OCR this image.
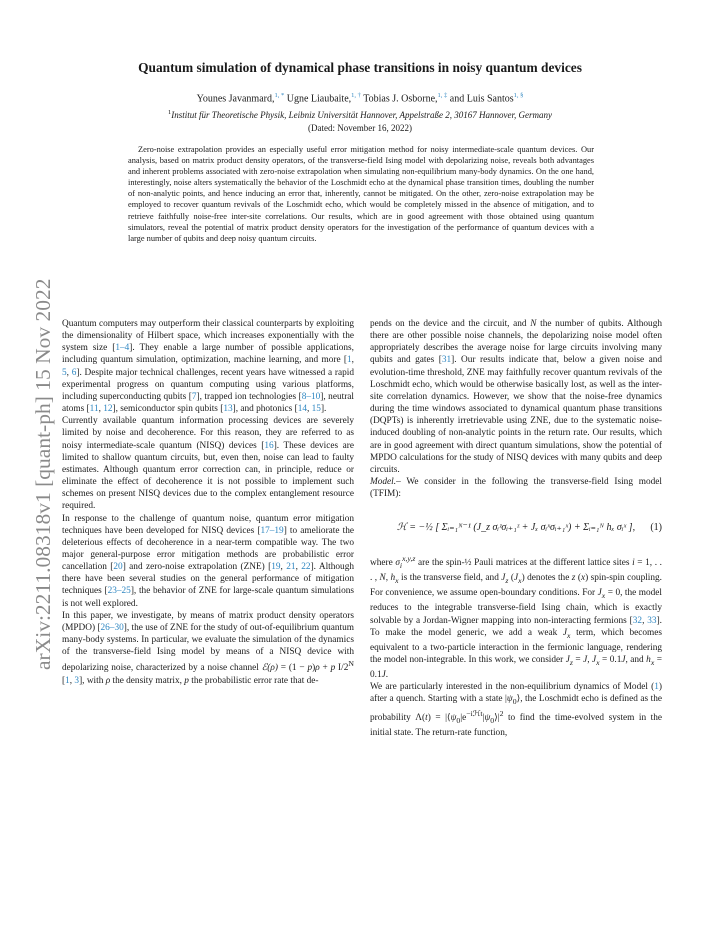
arXiv:2211.08318v1 [quant-ph] 15 Nov 2022
Quantum simulation of dynamical phase transitions in noisy quantum devices
Younes Javanmard,$^{1, *}$ Ugne Liaubaite,$^{1, \dagger}$ Tobias J. Osborne,$^{1, \ddagger}$ and Luis Santos$^{1, \S}$
$^1$Institut für Theoretische Physik, Leibniz Universität Hannover, Appelstraße 2, 30167 Hannover, Germany
(Dated: November 16, 2022)
Zero-noise extrapolation provides an especially useful error mitigation method for noisy intermediate-scale quantum devices. Our analysis, based on matrix product density operators, of the transverse-field Ising model with depolarizing noise, reveals both advantages and inherent problems associated with zero-noise extrapolation when simulating non-equilibrium many-body dynamics. On the one hand, interestingly, noise alters systematically the behavior of the Loschmidt echo at the dynamical phase transition times, doubling the number of non-analytic points, and hence inducing an error that, inherently, cannot be mitigated. On the other, zero-noise extrapolation may be employed to recover quantum revivals of the Loschmidt echo, which would be completely missed in the absence of mitigation, and to retrieve faithfully noise-free inter-site correlations. Our results, which are in good agreement with those obtained using quantum simulators, reveal the potential of matrix product density operators for the investigation of the performance of quantum devices with a large number of qubits and deep noisy quantum circuits.

Quantum computers may outperform their classical counterparts by exploiting the dimensionality of Hilbert space, which increases exponentially with the system size [1–4]. They enable a large number of possible applications, including quantum simulation, optimization, machine learning, and more [1, 5, 6]. Despite major technical challenges, recent years have witnessed a rapid experimental progress on quantum computing using various platforms, including superconducting qubits [7], trapped ion technologies [8–10], neutral atoms [11, 12], semiconductor spin qubits [13], and photonics [14, 15].

Currently available quantum information processing devices are severely limited by noise and decoherence. For this reason, they are referred to as noisy intermediate-scale quantum (NISQ) devices [16]. These devices are limited to shallow quantum circuits, but, even then, noise can lead to faulty estimates. Although quantum error correction can, in principle, reduce or eliminate the effect of decoherence it is not possible to implement such schemes on present NISQ devices due to the complex entanglement resource required.

In response to the challenge of quantum noise, quantum error mitigation techniques have been developed for NISQ devices [17–19] to ameliorate the deleterious effects of decoherence in a near-term compatible way. The two major general-purpose error mitigation methods are probabilistic error cancellation [20] and zero-noise extrapolation (ZNE) [19, 21, 22]. Although there have been several studies on the general performance of mitigation techniques [23–25], the behavior of ZNE for large-scale quantum simulations is not well explored.

In this paper, we investigate, by means of matrix product density operators (MPDO) [26–30], the use of ZNE for the study of out-of-equilibrium quantum many-body systems. In particular, we evaluate the simulation of the dynamics of the transverse-field Ising model by means of a NISQ device with depolarizing noise, characterized by a noise channel ℰ(ρ) = (1 − p)ρ + p $I/2^N$ [1, 3], with ρ the density matrix, p the probabilistic error rate that de-

pends on the device and the circuit, and N the number of qubits. Although there are other possible noise channels, the depolarizing noise model often appropriately describes the average noise for large circuits involving many qubits and gates [31]. Our results indicate that, below a given noise and evolution-time threshold, ZNE may faithfully recover quantum revivals of the Loschmidt echo, which would be otherwise basically lost, as well as the inter-site correlation dynamics. However, we show that the noise-free dynamics during the time windows associated to dynamical quantum phase transitions (DQPTs) is inherently irretrievable using ZNE, due to the systematic noise-induced doubling of non-analytic points in the return rate. Our results, which are in good agreement with direct quantum simulations, show the potential of MPDO calculations for the study of NISQ devices with many qubits and deep circuits.

Model.– We consider in the following the transverse-field Ising model (TFIM):

ℋ = −½ [ Σᵢ₌₁ᴺ⁻¹ (J_z σᵢᶻσᵢ₊₁ᶻ + Jₓ σᵢˣσᵢ₊₁ˣ) + Σᵢ₌₁ᴺ hₓ σᵢˣ ], (1)

where $\sigma_i^{x,y,z}$ are the spin-½ Pauli matrices at the different lattice sites i = 1, . . . , N, $h_x$ is the transverse field, and $J_z$ $(J_x)$ denotes the z (x) spin-spin coupling. For convenience, we assume open-boundary conditions. For $J_x = 0$, the model reduces to the integrable transverse-field Ising chain, which is exactly solvable by a Jordan-Wigner mapping into non-interacting fermions [32, 33]. To make the model generic, we add a weak $J_x$ term, which becomes equivalent to a two-particle interaction in the fermionic language, rendering the model non-integrable. In this work, we consider $J_z = J$, $J_x = 0.1J$, and $h_x = 0.1J$.

We are particularly interested in the non-equilibrium dynamics of Model (1) after a quench. Starting with a state $|\psi_0⟩$, the Loschmidt echo is defined as the probability $\Lambda(t) = |⟨\psi_0|e^{-iℋt}|\psi_0⟩|^2$ to find the time-evolved system in the initial state. The return-rate function,
